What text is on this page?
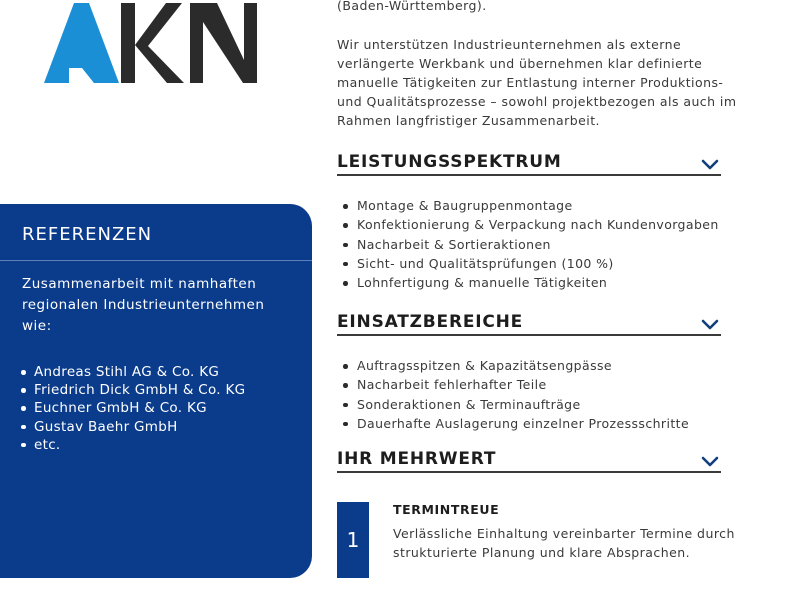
(Baden-Württemberg).

Wir unterstützen Industrieunternehmen als externe verlängerte Werkbank und übernehmen klar definierte manuelle Tätigkeiten zur Entlastung interner Produktions- und Qualitätsprozesse – sowohl projektbezogen als auch im Rahmen langfristiger Zusammenarbeit.

LEISTUNGSSPEKTRUM
Montage & Baugruppenmontage
Konfektionierung & Verpackung nach Kundenvorgaben
Nacharbeit & Sortieraktionen
Sicht- und Qualitätsprüfungen (100 %)
Lohnfertigung & manuelle Tätigkeiten
EINSATZBEREICHE
Auftragsspitzen & Kapazitätsengpässe
Nacharbeit fehlerhafter Teile
Sonderaktionen & Terminaufträge
Dauerhafte Auslagerung einzelner Prozessschritte
IHR MEHRWERT
1
TERMINTREUE

Verlässliche Einhaltung vereinbarter Termine durch strukturierte Planung und klare Absprachen.

REFERENZEN

Zusammenarbeit mit namhaften regionalen Industrieunternehmen wie:

Andreas Stihl AG & Co. KG
Friedrich Dick GmbH & Co. KG
Euchner GmbH & Co. KG
Gustav Baehr GmbH
etc.
